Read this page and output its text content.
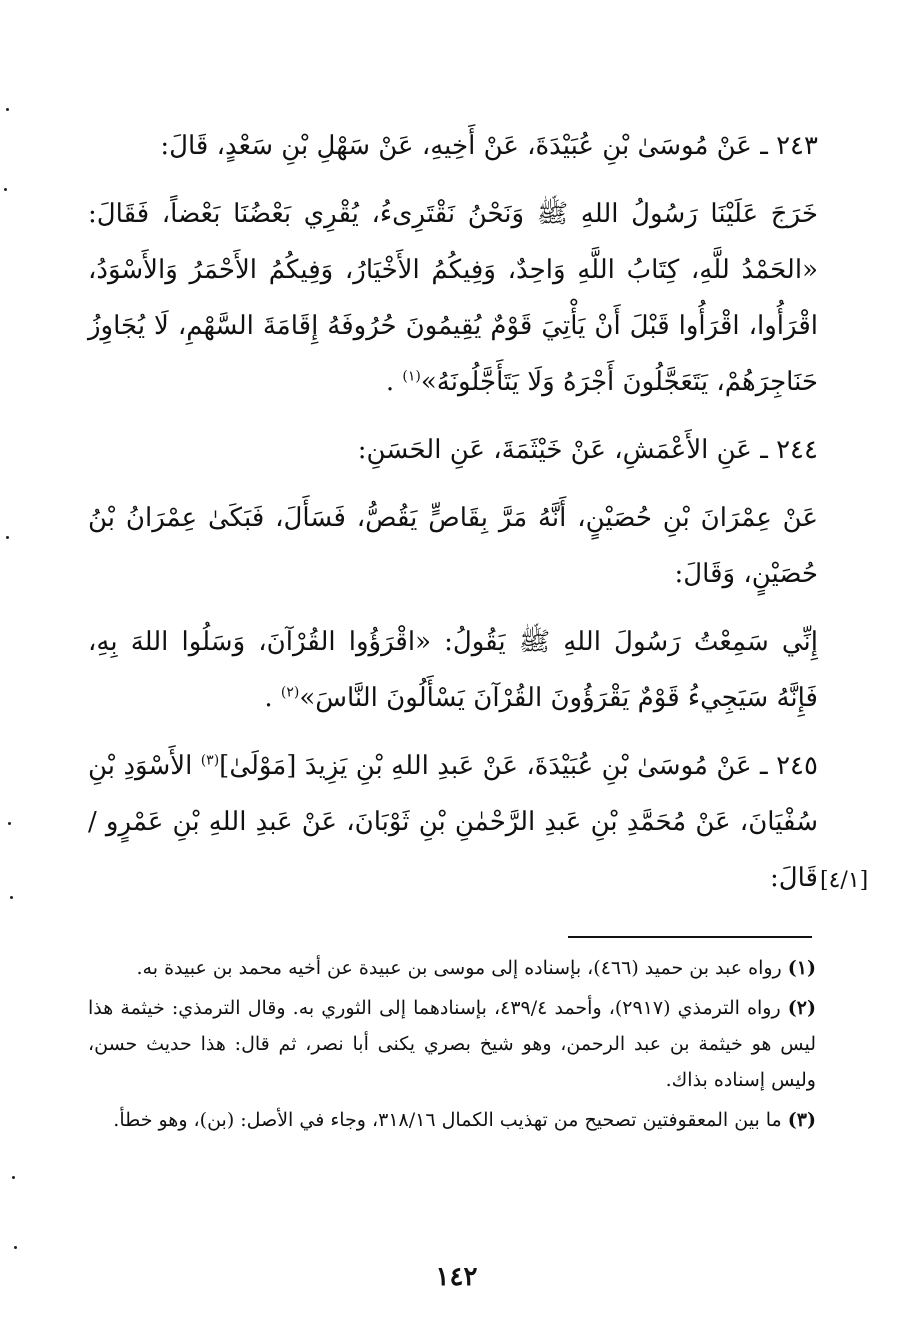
٢٤٣ ـ عَنْ مُوسَىٰ بْنِ عُبَيْدَةَ، عَنْ أَخِيهِ، عَنْ سَهْلِ بْنِ سَعْدٍ، قَالَ:

خَرَجَ عَلَيْنَا رَسُولُ اللهِ ﷺ وَنَحْنُ نَقْتَرِىءُ، يُقْرِي بَعْضُنَا بَعْضاً، فَقَالَ: «الحَمْدُ للَّهِ، كِتَابُ اللَّهِ وَاحِدٌ، وَفِيكُمُ الأَخْيَارُ، وَفِيكُمُ الأَحْمَرُ وَالأَسْوَدُ، اقْرَأُوا، اقْرَأُوا قَبْلَ أَنْ يَأْتِيَ قَوْمٌ يُقِيمُونَ حُرُوفَهُ إِقَامَةَ السَّهْمِ، لَا يُجَاوِزُ حَنَاجِرَهُمْ، يَتَعَجَّلُونَ أَجْرَهُ وَلَا يَتَأَجَّلُونَهُ»$^{(١)}$ .

٢٤٤ ـ عَنِ الأَعْمَشِ، عَنْ خَيْثَمَةَ، عَنِ الحَسَنِ:

عَنْ عِمْرَانَ بْنِ حُصَيْنٍ، أَنَّهُ مَرَّ بِقَاصٍّ يَقُصُّ، فَسَأَلَ، فَبَكَىٰ عِمْرَانُ بْنُ حُصَيْنٍ، وَقَالَ:

إِنِّي سَمِعْتُ رَسُولَ اللهِ ﷺ يَقُولُ: «اقْرَؤُوا القُرْآنَ، وَسَلُوا اللهَ بِهِ، فَإِنَّهُ سَيَجِيءُ قَوْمٌ يَقْرَؤُونَ القُرْآنَ يَسْأَلُونَ النَّاسَ»$^{(٢)}$ .

٢٤٥ ـ عَنْ مُوسَىٰ بْنِ عُبَيْدَةَ، عَنْ عَبدِ اللهِ بْنِ يَزِيدَ [مَوْلَىٰ]$^{(٣)}$ الأَسْوَدِ بْنِ سُفْيَانَ، عَنْ مُحَمَّدِ بْنِ عَبدِ الرَّحْمٰنِ بْنِ ثَوْبَانَ، عَنْ عَبدِ اللهِ بْنِ عَمْرٍو / قَالَ: [٤/١]

(١) رواه عبد بن حميد (٤٦٦)، بإسناده إلى موسى بن عبيدة عن أخيه محمد بن عبيدة به.

(٢) رواه الترمذي (٢٩١٧)، وأحمد ٤٣٩/٤، بإسنادهما إلى الثوري به. وقال الترمذي: خيثمة هذا ليس هو خيثمة بن عبد الرحمن، وهو شيخ بصري يكنى أبا نصر، ثم قال: هذا حديث حسن، وليس إسناده بذاك.

(٣) ما بين المعقوفتين تصحيح من تهذيب الكمال ٣١٨/١٦، وجاء في الأصل: (بن)، وهو خطأ.

١٤٢
